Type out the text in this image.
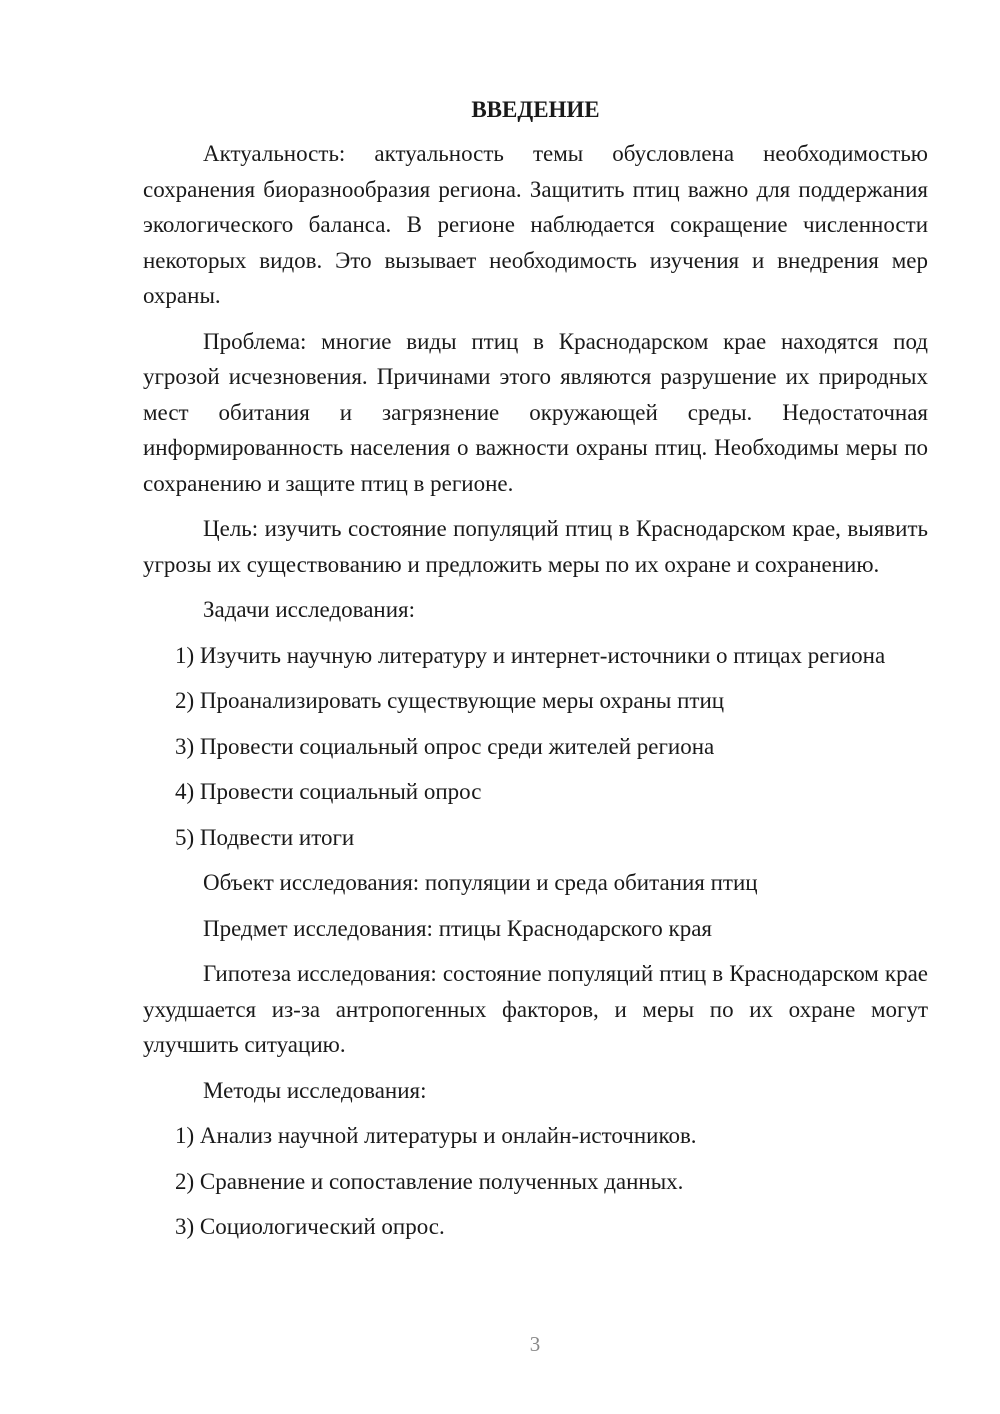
ВВЕДЕНИЕ

Актуальность: актуальность темы обусловлена необходимостью сохранения биоразнообразия региона. Защитить птиц важно для поддержания экологического баланса. В регионе наблюдается сокращение численности некоторых видов. Это вызывает необходимость изучения и внедрения мер охраны.

Проблема: многие виды птиц в Краснодарском крае находятся под угрозой исчезновения. Причинами этого являются разрушение их природных мест обитания и загрязнение окружающей среды. Недостаточная информированность населения о важности охраны птиц. Необходимы меры по сохранению и защите птиц в регионе.

Цель: изучить состояние популяций птиц в Краснодарском крае, выявить угрозы их существованию и предложить меры по их охране и сохранению.

Задачи исследования:

1) Изучить научную литературу и интернет-источники о птицах региона

2) Проанализировать существующие меры охраны птиц

3) Провести социальный опрос среди жителей региона

4) Провести социальный опрос

5) Подвести итоги

Объект исследования: популяции и среда обитания птиц

Предмет исследования: птицы Краснодарского края

Гипотеза исследования: состояние популяций птиц в Краснодарском крае ухудшается из-за антропогенных факторов, и меры по их охране могут улучшить ситуацию.

Методы исследования:

1) Анализ научной литературы и онлайн-источников.

2) Сравнение и сопоставление полученных данных.

3) Социологический опрос.

3
